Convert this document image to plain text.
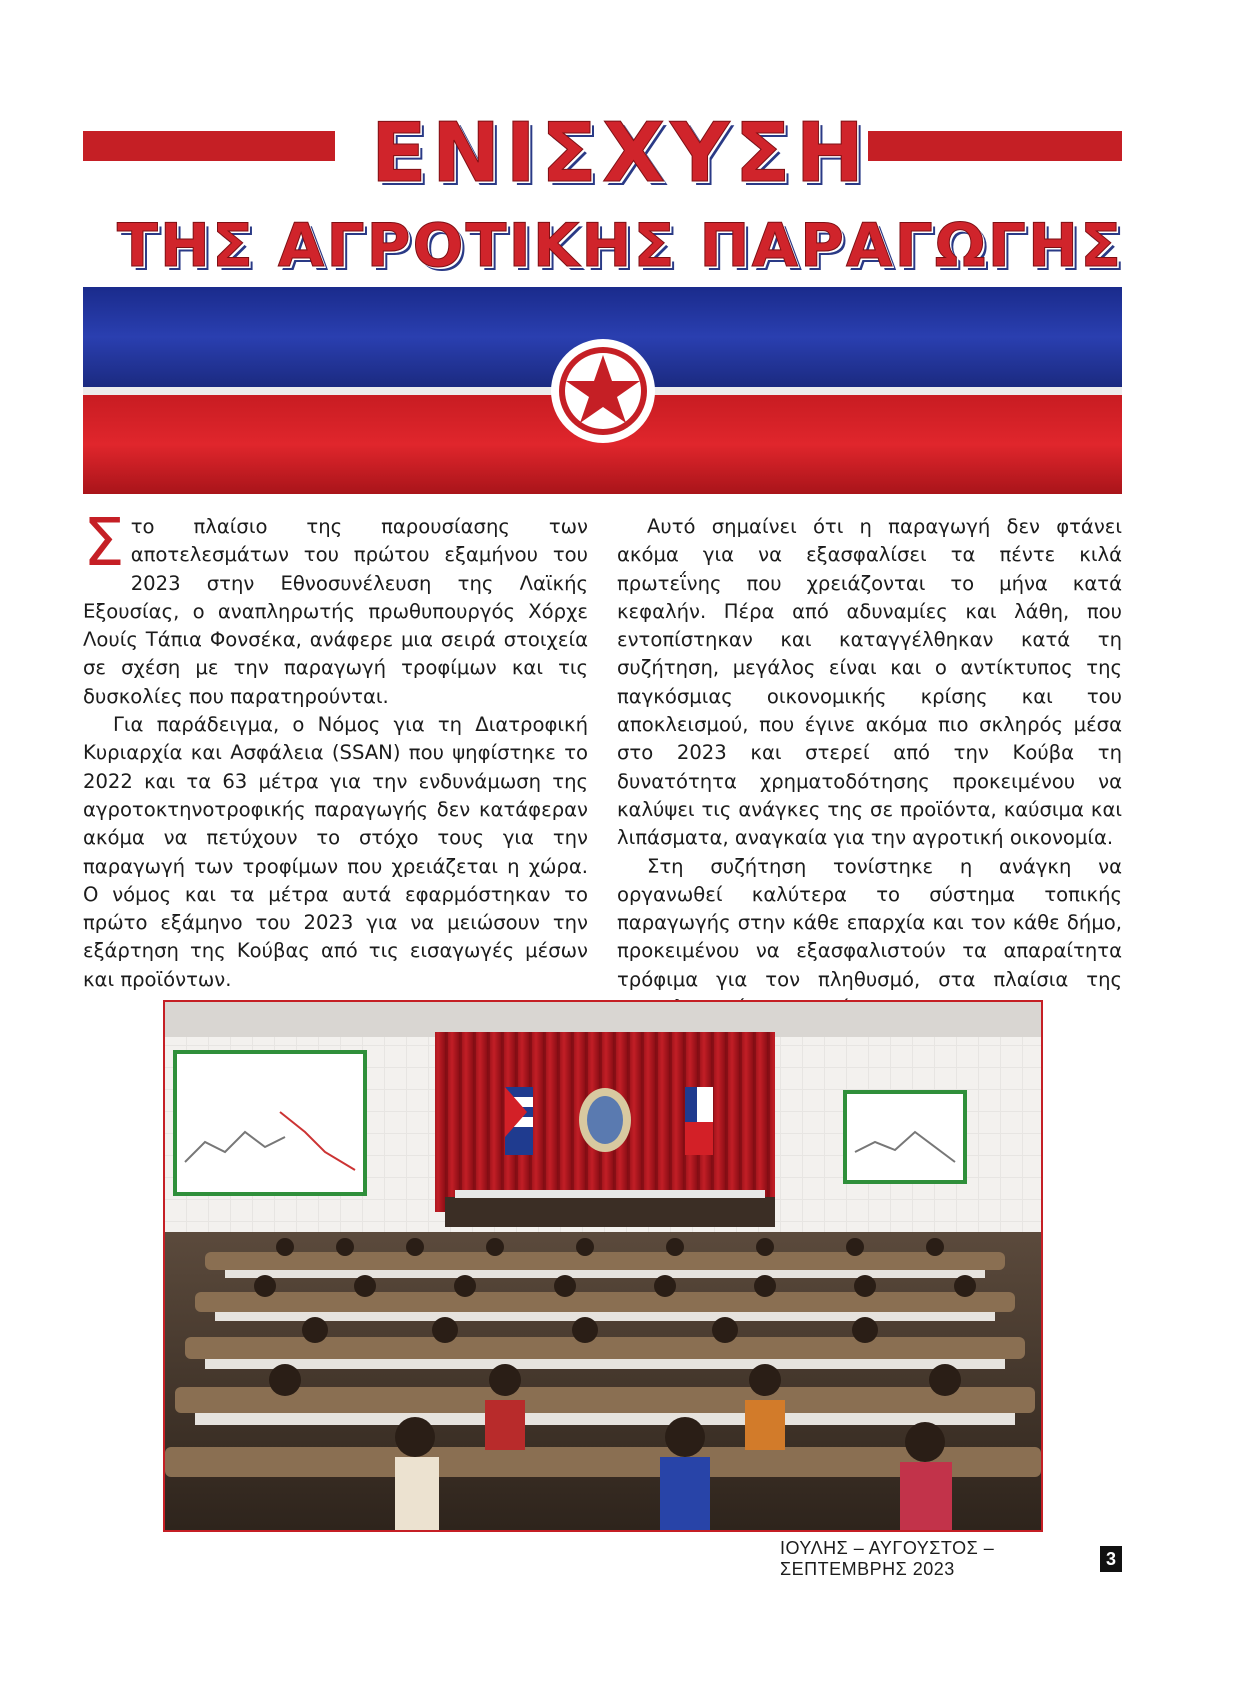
ΕΝΙΣΧΥΣΗ
ΤΗΣ ΑΓΡΟΤΙΚΗΣ ΠΑΡΑΓΩΓΗΣ

Στο πλαίσιο της παρουσίασης των αποτελεσμάτων του πρώτου εξαμήνου του 2023 στην Εθνοσυνέλευση της Λαϊκής Εξουσίας, ο αναπληρωτής πρωθυπουργός Χόρχε Λουίς Τάπια Φονσέκα, ανάφερε μια σειρά στοιχεία σε σχέση με την παραγωγή τροφίμων και τις δυσκολίες που παρατηρούνται.

Για παράδειγμα, ο Νόμος για τη Διατροφική Κυριαρχία και Ασφάλεια (SSAN) που ψηφίστηκε το 2022 και τα 63 μέτρα για την ενδυνάμωση της αγροτοκτηνοτροφικής παραγωγής δεν κατάφεραν ακόμα να πετύχουν το στόχο τους για την παραγωγή των τροφίμων που χρειάζεται η χώρα. Ο νόμος και τα μέτρα αυτά εφαρμόστηκαν το πρώτο εξάμηνο του 2023 για να μειώσουν την εξάρτηση της Κούβας από τις εισαγωγές μέσων και προϊόντων.

Αυτό σημαίνει ότι η παραγωγή δεν φτάνει ακόμα για να εξασφαλίσει τα πέντε κιλά πρωτεΐνης που χρειάζονται το μήνα κατά κεφαλήν. Πέρα από αδυναμίες και λάθη, που εντοπίστηκαν και καταγγέλθηκαν κατά τη συζήτηση, μεγάλος είναι και ο αντίκτυπος της παγκόσμιας οικονομικής κρίσης και του αποκλεισμού, που έγινε ακόμα πιο σκληρός μέσα στο 2023 και στερεί από την Κούβα τη δυνατότητα χρηματοδότησης προκειμένου να καλύψει τις ανάγκες της σε προϊόντα, καύσιμα και λιπάσματα, αναγκαία για την αγροτική οικονομία.

Στη συζήτηση τονίστηκε η ανάγκη να οργανωθεί καλύτερα το σύστημα τοπικής παραγωγής στην κάθε επαρχία και τον κάθε δήμο, προκειμένου να εξασφαλιστούν τα απαραίτητα τρόφιμα για τον πληθυσμό, στα πλαίσια της

ΙΟΥΛΗΣ – ΑΥΓΟΥΣΤΟΣ – ΣΕΠΤΕΜΒΡΗΣ 2023	3
